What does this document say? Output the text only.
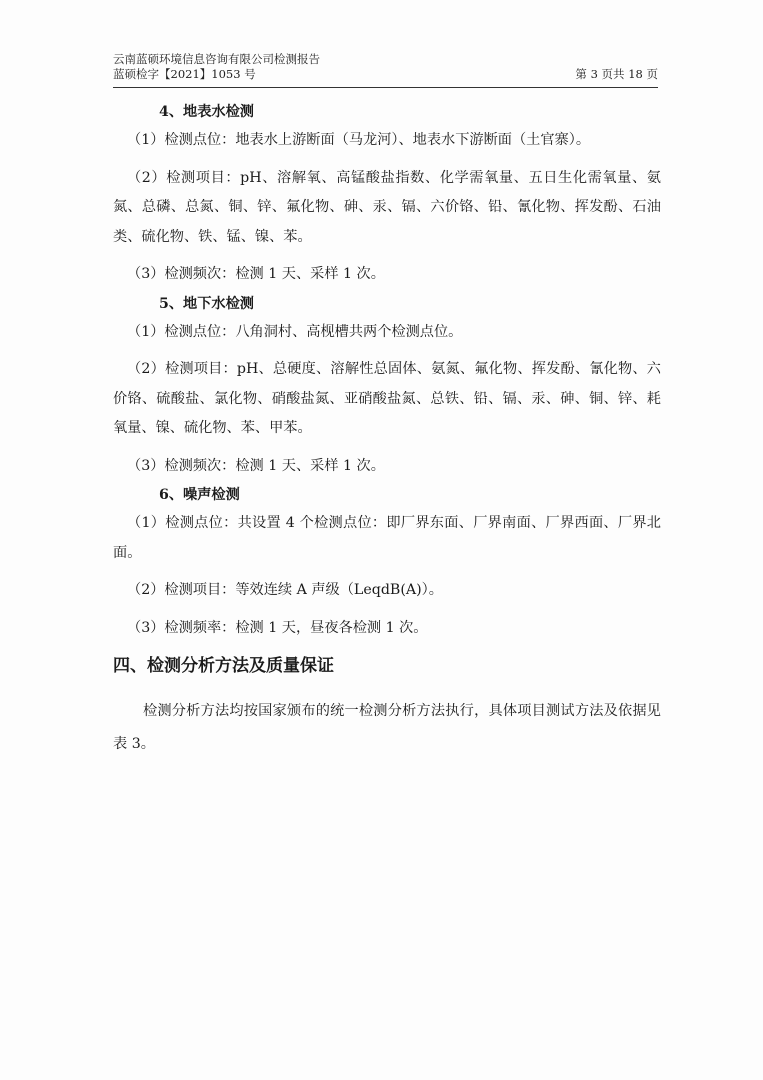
云南蓝硕环境信息咨询有限公司检测报告
蓝硕检字【2021】1053 号	第 3 页共 18 页
4、地表水检测

（1）检测点位：地表水上游断面（马龙河）、地表水下游断面（土官寨）。

（2）检测项目：pH、溶解氧、高锰酸盐指数、化学需氧量、五日生化需氧量、氨氮、总磷、总氮、铜、锌、氟化物、砷、汞、镉、六价铬、铅、氰化物、挥发酚、石油类、硫化物、铁、锰、镍、苯。

（3）检测频次：检测 1 天、采样 1 次。

5、地下水检测

（1）检测点位：八角洞村、高枧槽共两个检测点位。

（2）检测项目：pH、总硬度、溶解性总固体、氨氮、氟化物、挥发酚、氰化物、六价铬、硫酸盐、氯化物、硝酸盐氮、亚硝酸盐氮、总铁、铅、镉、汞、砷、铜、锌、耗氧量、镍、硫化物、苯、甲苯。

（3）检测频次：检测 1 天、采样 1 次。

6、噪声检测

（1）检测点位：共设置 4 个检测点位：即厂界东面、厂界南面、厂界西面、厂界北面。

（2）检测项目：等效连续 A 声级（LeqdB(A)）。

（3）检测频率：检测 1 天，昼夜各检测 1 次。

四、检测分析方法及质量保证

检测分析方法均按国家颁布的统一检测分析方法执行，具体项目测试方法及依据见表 3。
